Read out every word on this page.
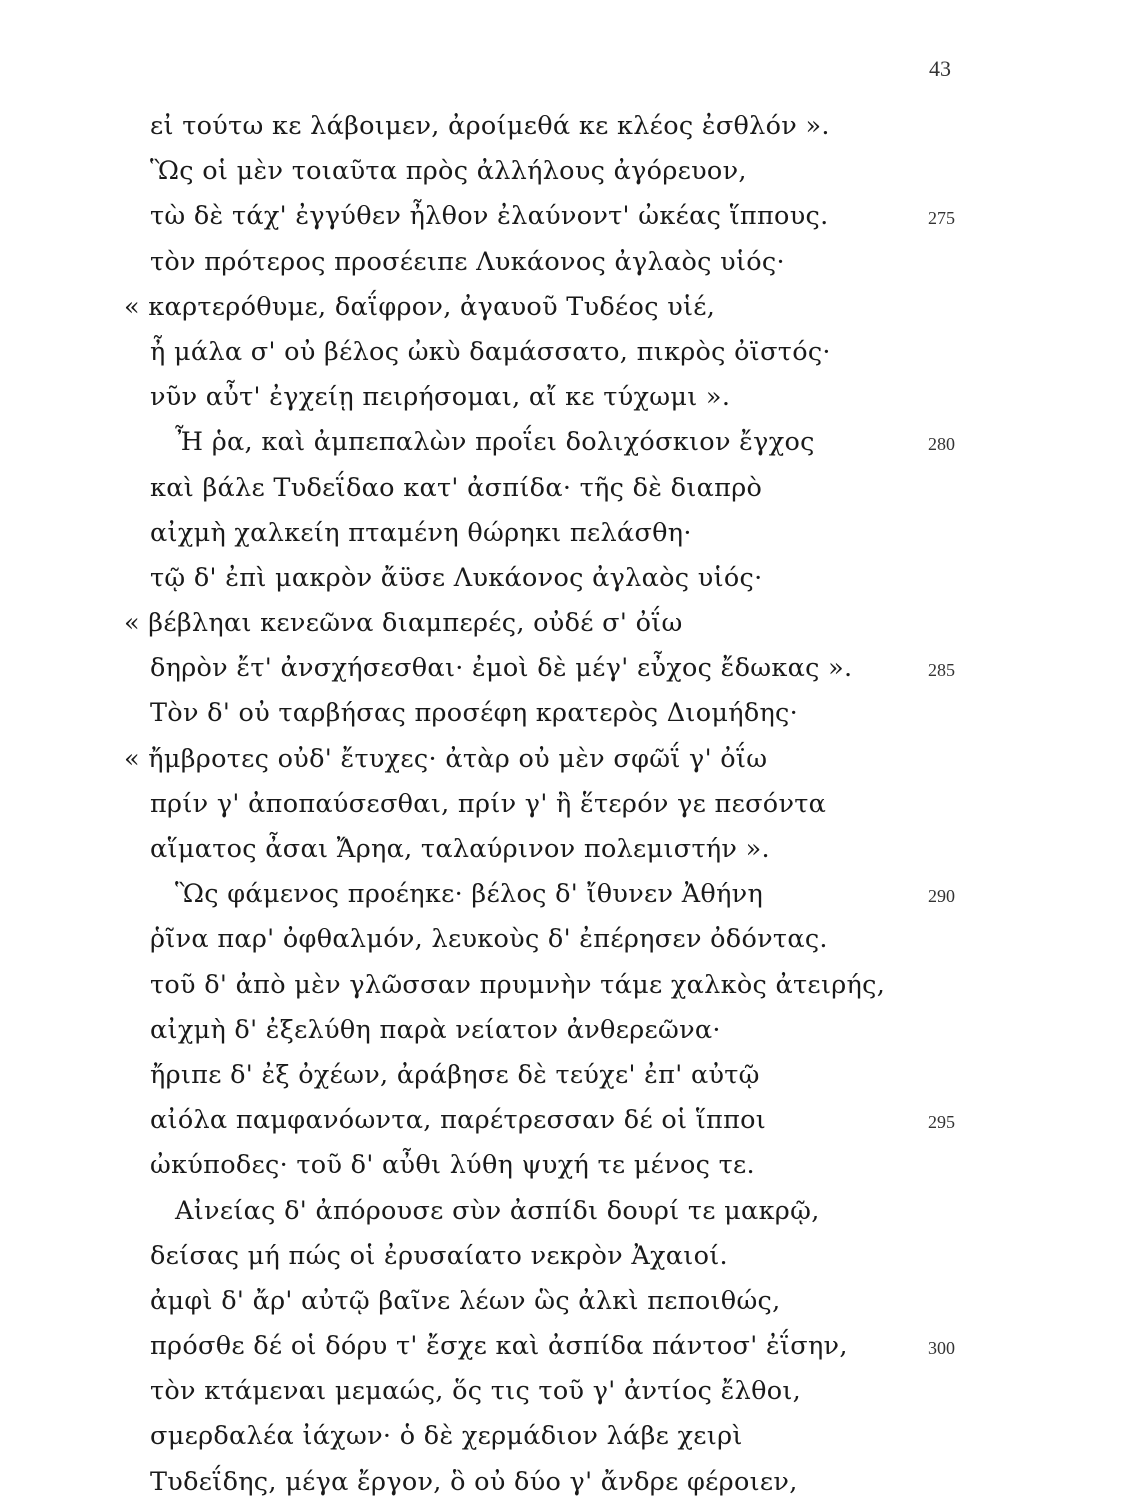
43
εἰ τούτω κε λάβοιμεν, ἀροίμεθά κε κλέος ἐσθλόν ».
Ὣς οἱ μὲν τοιαῦτα πρὸς ἀλλήλους ἀγόρευον,
τὼ δὲ τάχ' ἐγγύθεν ἦλθον ἐλαύνοντ' ὠκέας ἵππους.	275
τὸν πρότερος προσέειπε Λυκάονος ἀγλαὸς υἱός·
« καρτερόθυμε, δαΐφρον, ἀγαυοῦ Τυδέος υἱέ,
ἦ μάλα σ' οὐ βέλος ὠκὺ δαμάσσατο, πικρὸς ὀϊστός·
νῦν αὖτ' ἐγχείῃ πειρήσομαι, αἴ κε τύχωμι ».
Ἦ ῥα, καὶ ἀμπεπαλὼν προΐει δολιχόσκιον ἔγχος	280
καὶ βάλε Τυδεΐδαο κατ' ἀσπίδα· τῆς δὲ διαπρὸ
αἰχμὴ χαλκείη πταμένη θώρηκι πελάσθη·
τῷ δ' ἐπὶ μακρὸν ἄϋσε Λυκάονος ἀγλαὸς υἱός·
« βέβληαι κενεῶνα διαμπερές, οὐδέ σ' ὀΐω
δηρὸν ἔτ' ἀνσχήσεσθαι· ἐμοὶ δὲ μέγ' εὖχος ἔδωκας ».	285
Τὸν δ' οὐ ταρβήσας προσέφη κρατερὸς Διομήδης·
« ἤμβροτες οὐδ' ἔτυχες· ἀτὰρ οὐ μὲν σφῶΐ γ' ὀΐω
πρίν γ' ἀποπαύσεσθαι, πρίν γ' ἢ ἕτερόν γε πεσόντα
αἵματος ἆσαι Ἄρηα, ταλαύρινον πολεμιστήν ».
Ὣς φάμενος προέηκε· βέλος δ' ἴθυνεν Ἀθήνη	290
ῥῖνα παρ' ὀφθαλμόν, λευκοὺς δ' ἐπέρησεν ὀδόντας.
τοῦ δ' ἀπὸ μὲν γλῶσσαν πρυμνὴν τάμε χαλκὸς ἀτειρής,
αἰχμὴ δ' ἐξελύθη παρὰ νείατον ἀνθερεῶνα·
ἤριπε δ' ἐξ ὀχέων, ἀράβησε δὲ τεύχε' ἐπ' αὐτῷ
αἰόλα παμφανόωντα, παρέτρεσσαν δέ οἱ ἵπποι	295
ὠκύποδες· τοῦ δ' αὖθι λύθη ψυχή τε μένος τε.
Αἰνείας δ' ἀπόρουσε σὺν ἀσπίδι δουρί τε μακρῷ,
δείσας μή πώς οἱ ἐρυσαίατο νεκρὸν Ἀχαιοί.
ἀμφὶ δ' ἄρ' αὐτῷ βαῖνε λέων ὣς ἀλκὶ πεποιθώς,
πρόσθε δέ οἱ δόρυ τ' ἔσχε καὶ ἀσπίδα πάντοσ' ἐΐσην,	300
τὸν κτάμεναι μεμαώς, ὅς τις τοῦ γ' ἀντίος ἔλθοι,
σμερδαλέα ἰάχων· ὁ δὲ χερμάδιον λάβε χειρὶ
Τυδεΐδης, μέγα ἔργον, ὃ οὐ δύο γ' ἄνδρε φέροιεν,
